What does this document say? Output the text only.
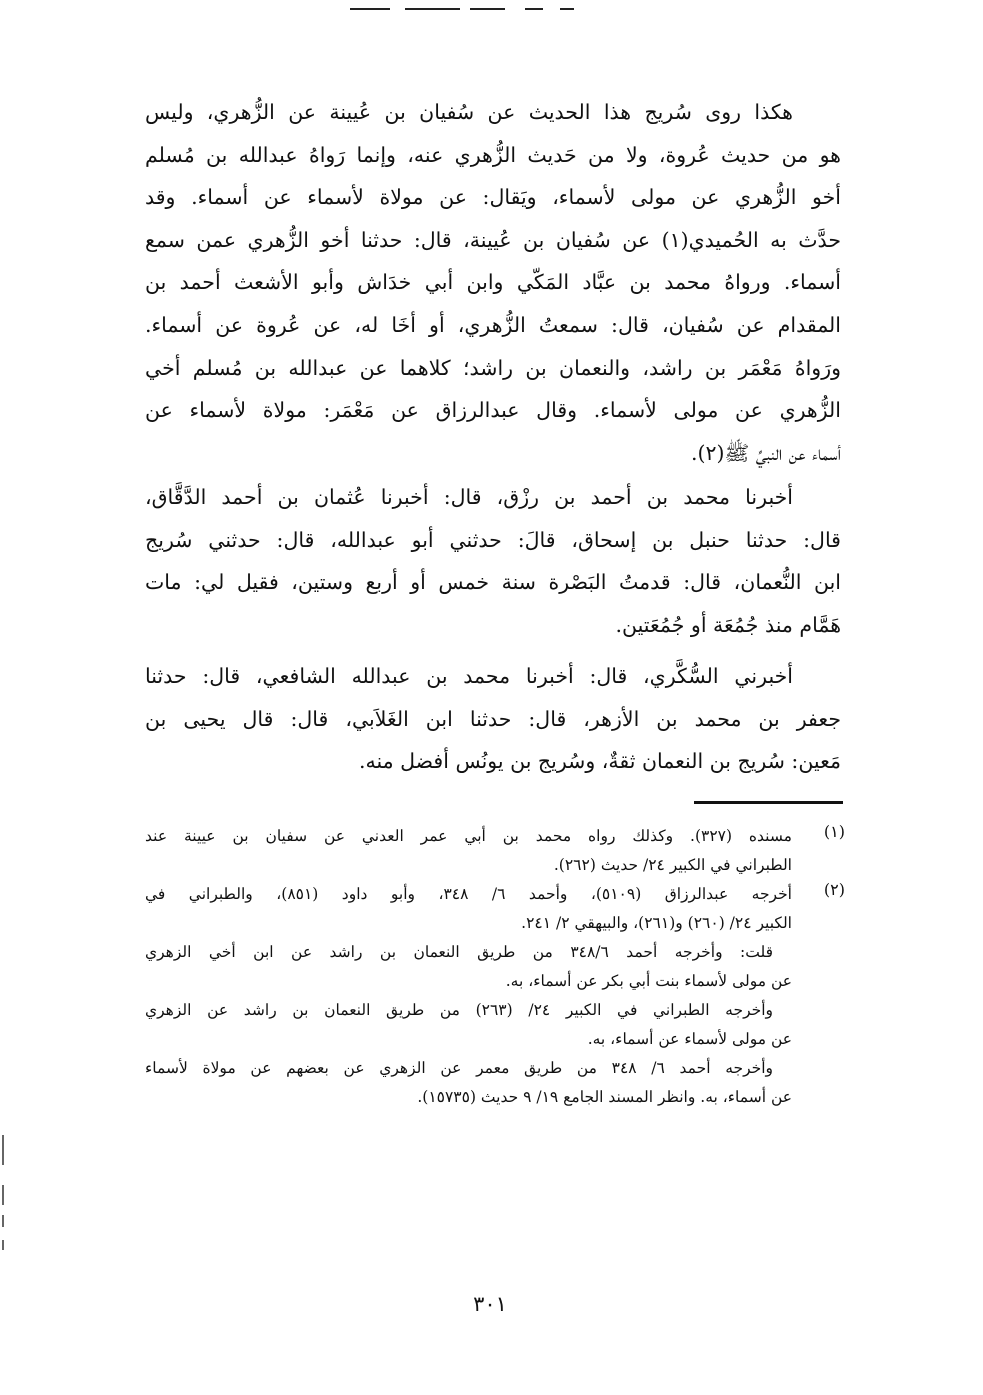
هكذا روى سُريج هذا الحديث عن سُفيان بن عُيينة عن الزُّهري، وليس
هو من حديث عُروة، ولا من حَديث الزُّهري عنه، وإنما رَواهُ عبدالله بن مُسلم
أخو الزُّهري عن مولى لأسماء، ويَقال: عن مولاة لأسماء عن أسماء. وقد
حدَّث به الحُميدي(١) عن سُفيان بن عُيينة، قال: حدثنا أخو الزُّهري عمن سمع
أسماء. ورواهُ محمد بن عبَّاد المَكّي وابن أبي خدَاش وأبو الأشعث أحمد بن
المقدام عن سُفيان، قال: سمعتُ الزُّهري، أو أخَا له، عن عُروة عن أسماء.
ورَواهُ مَعْمَر بن راشد، والنعمان بن راشد؛ كلاهما عن عبدالله بن مُسلم أخي
الزُّهري عن مولى لأسماء. وقال عبدالرزاق عن مَعْمَر: مولاة لأسماء عن
أسماء عن النبيِّ ﷺ(٢).
أخبرنا محمد بن أحمد بن رزْق، قال: أخبرنا عُثمان بن أحمد الدَّقَّاق،
قال: حدثنا حنبل بن إسحاق، قالَ: حدثني أبو عبدالله، قال: حدثني سُريج
ابن النُّعمان، قال: قدمتُ البَصْرة سنة خمس أو أربع وستين، فقيل لي: مات
هَمَّام منذ جُمُعَة أو جُمُعَتين.
أخبرني السُّكَّري، قال: أخبرنا محمد بن عبدالله الشافعي، قال: حدثنا
جعفر بن محمد بن الأزهر، قال: حدثنا ابن الغَلاَبي، قال: قال يحيى بن
مَعين: سُريج بن النعمان ثقةٌ، وسُريج بن يونُس أفضل منه.
(١)
مسنده (٣٢٧). وكذلك رواه محمد بن أبي عمر العدني عن سفيان بن عيينة عند
الطبراني في الكبير ٢٤/ حديث (٢٦٢).
(٢)
أخرجه عبدالرزاق (٥١٠٩)، وأحمد ٦/ ٣٤٨، وأبو داود (٨٥١)، والطبراني في
الكبير ٢٤/ (٢٦٠) و(٢٦١)، والبيهقي ٢/ ٢٤١.
قلت: وأخرجه أحمد ٣٤٨/٦ من طريق النعمان بن راشد عن ابن أخي الزهري
عن مولى لأسماء بنت أبي بكر عن أسماء، به.
وأخرجه الطبراني في الكبير ٢٤/ (٢٦٣) من طريق النعمان بن راشد عن الزهري
عن مولى لأسماء عن أسماء، به.
وأخرجه أحمد ٦/ ٣٤٨ من طريق معمر عن الزهري عن بعضهم عن مولاة لأسماء
عن أسماء، به. وانظر المسند الجامع ١٩/ ٩ حديث (١٥٧٣٥).
٣٠١
